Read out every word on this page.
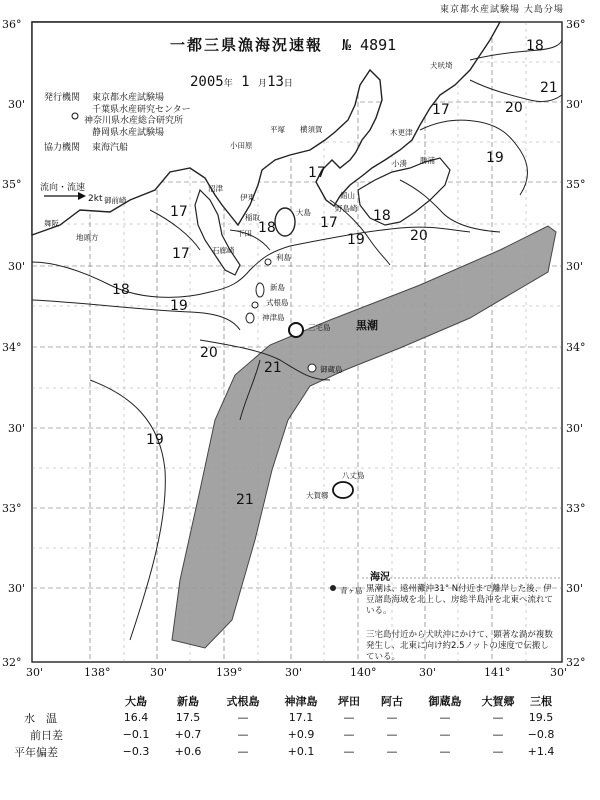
東京都水産試験場 大島分場
36°
30'
35°
30'
34°
30'
33°
30'
32°
36°
30'
35°
30'
34°
30'
33°
30'
32°
30'	138°	30'	139°	30'	140°	30'	141°	30'
一都三県漁海況速報 № 4891
2005年 1 月13日
発行機関 東京都水産試験場
千葉県水産研究センター
神奈川県水産総合研究所
静岡県水産試験場
協力機関 東海汽船
流向・流速
2kt
黒潮
18
21
20
17
19
17
18	17
17
19
18
20
17
18
19
20
21
19
21
犬吠埼
平塚 横須賀
小田原
木更津
小湊 勝浦
館山
野島崎
沼津
伊東
稲取
下田
石廊崎
御前崎
舞阪
地頭方
大島
利島
新島
式根島
神津島
三宅島
御蔵島
八丈島
大賀郷
青ヶ島
海況
黒潮は、遠州灘沖31° N付近まで離岸した後、伊豆諸島海域を北上し、房総半島沖を北東へ流れている。
三宅島付近から犬吠沖にかけて、顕著な渦が複数発生し、北東に向け約2.5ノットの速度で伝搬している。
	大島	新島	式根島	神津島	坪田	阿古	御蔵島	大賀郷	三根
水　温	16.4	17.5	—	17.1	—	—	—	—	19.5
前日差	−0.1	+0.7	—	+0.9	—	—	—	—	−0.8
平年偏差	−0.3	+0.6	—	+0.1	—	—	—	—	+1.4
